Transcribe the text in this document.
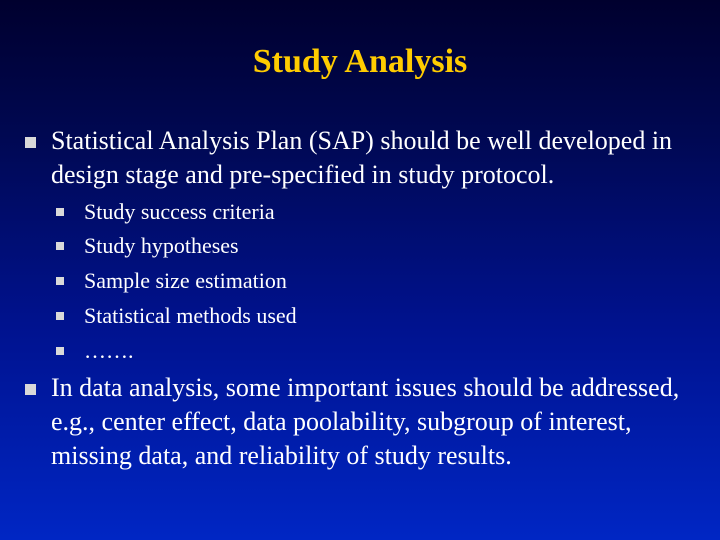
Study Analysis
Statistical Analysis Plan (SAP) should be well developed in design stage and pre-specified in study protocol.
Study success criteria
Study hypotheses
Sample size estimation
Statistical methods used
…….
In data analysis, some important issues should be addressed, e.g., center effect, data poolability, subgroup of interest, missing data, and reliability of study results.
